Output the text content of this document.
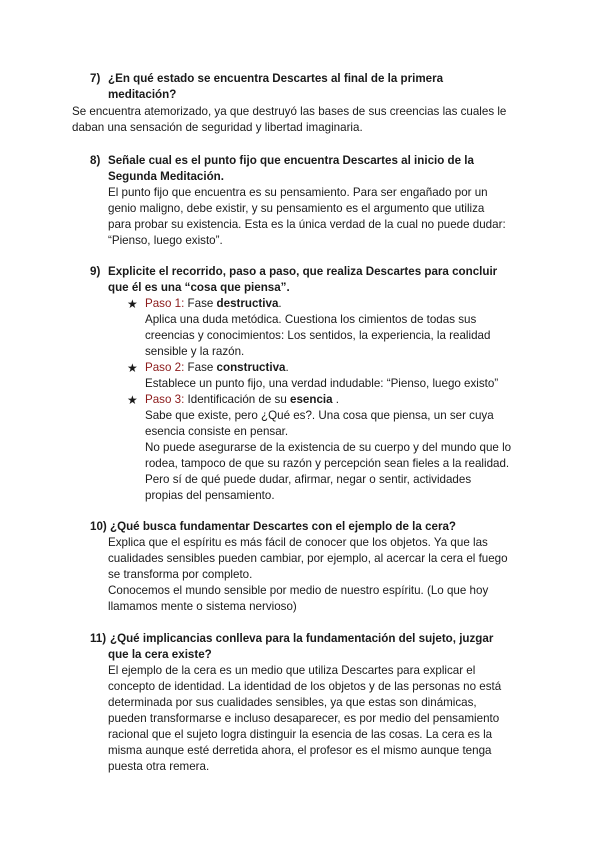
7) ¿En qué estado se encuentra Descartes al final de la primera
meditación?
Se encuentra atemorizado, ya que destruyó las bases de sus creencias las cuales le
daban una sensación de seguridad y libertad imaginaria.
8) Señale cual es el punto fijo que encuentra Descartes al inicio de la
Segunda Meditación.
El punto fijo que encuentra es su pensamiento. Para ser engañado por un
genio maligno, debe existir, y su pensamiento es el argumento que utiliza
para probar su existencia. Esta es la única verdad de la cual no puede dudar:
“Pienso, luego existo”.
9) Explicite el recorrido, paso a paso, que realiza Descartes para concluir
que él es una “cosa que piensa”.
★ Paso 1: Fase destructiva.
Aplica una duda metódica. Cuestiona los cimientos de todas sus
creencias y conocimientos: Los sentidos, la experiencia, la realidad
sensible y la razón.
★ Paso 2: Fase constructiva.
Establece un punto fijo, una verdad indudable: “Pienso, luego existo”
★ Paso 3: Identificación de su esencia .
Sabe que existe, pero ¿Qué es?. Una cosa que piensa, un ser cuya
esencia consiste en pensar.
No puede asegurarse de la existencia de su cuerpo y del mundo que lo
rodea, tampoco de que su razón y percepción sean fieles a la realidad.
Pero sí de qué puede dudar, afirmar, negar o sentir, actividades
propias del pensamiento.
10) ¿Qué busca fundamentar Descartes con el ejemplo de la cera?
Explica que el espíritu es más fácil de conocer que los objetos. Ya que las
cualidades sensibles pueden cambiar, por ejemplo, al acercar la cera el fuego
se transforma por completo.
Conocemos el mundo sensible por medio de nuestro espíritu. (Lo que hoy
llamamos mente o sistema nervioso)
11) ¿Qué implicancias conlleva para la fundamentación del sujeto, juzgar
que la cera existe?
El ejemplo de la cera es un medio que utiliza Descartes para explicar el
concepto de identidad. La identidad de los objetos y de las personas no está
determinada por sus cualidades sensibles, ya que estas son dinámicas,
pueden transformarse e incluso desaparecer, es por medio del pensamiento
racional que el sujeto logra distinguir la esencia de las cosas. La cera es la
misma aunque esté derretida ahora, el profesor es el mismo aunque tenga
puesta otra remera.
